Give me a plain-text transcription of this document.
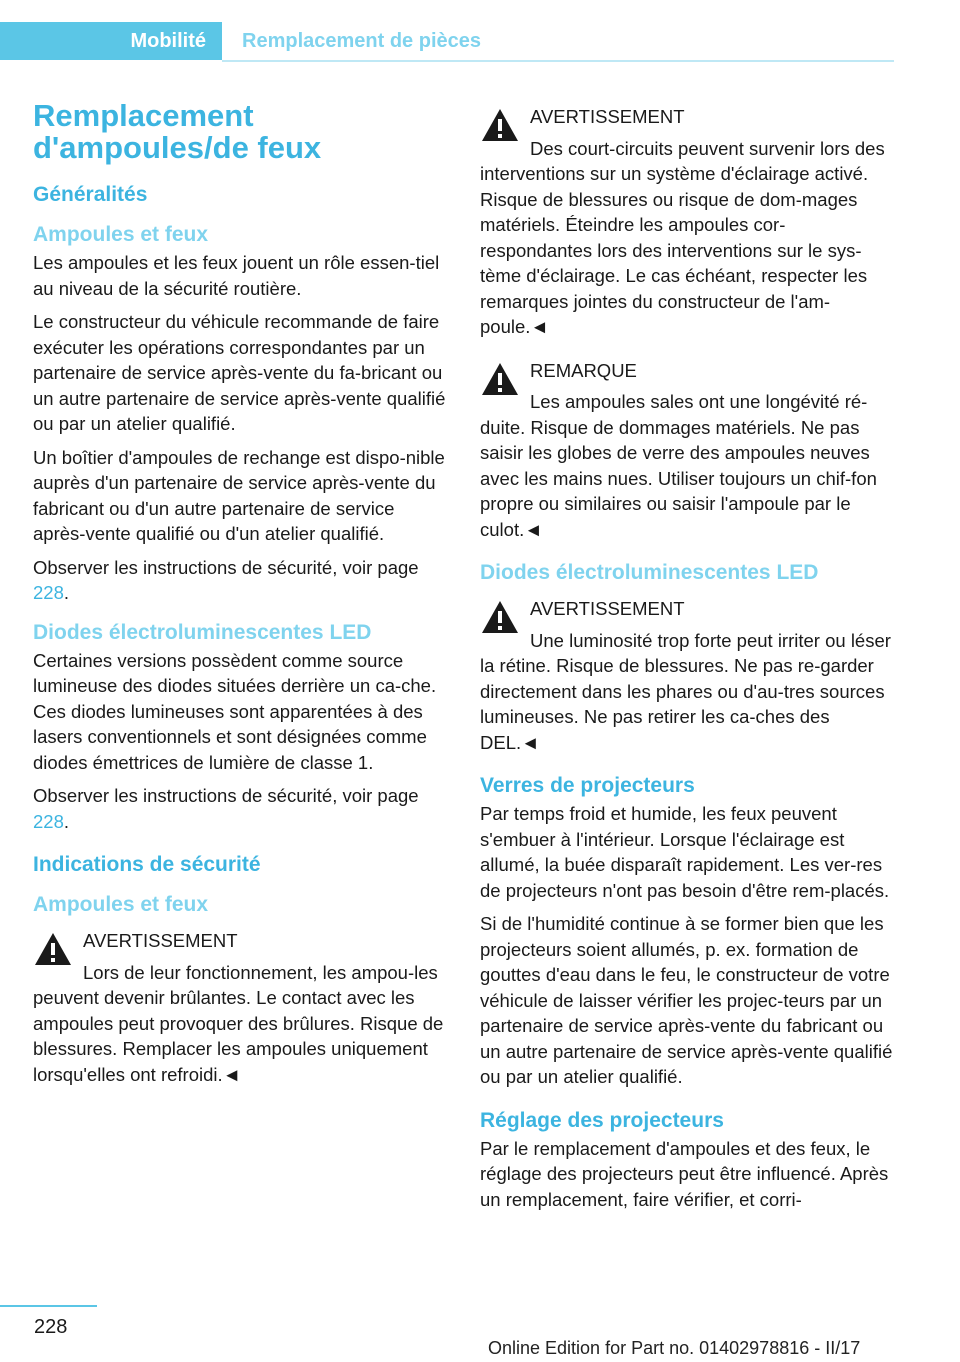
Mobilité Remplacement de pièces
Remplacement d'ampoules/de feux
Généralités
Ampoules et feux

Les ampoules et les feux jouent un rôle essen-tiel au niveau de la sécurité routière.

Le constructeur du véhicule recommande de faire exécuter les opérations correspondantes par un partenaire de service après-vente du fa-bricant ou un autre partenaire de service après-vente qualifié ou par un atelier qualifié.

Un boîtier d'ampoules de rechange est dispo-nible auprès d'un partenaire de service après-vente du fabricant ou d'un autre partenaire de service après-vente qualifié ou d'un atelier qualifié.

Observer les instructions de sécurité, voir page 228.

Diodes électroluminescentes LED

Certaines versions possèdent comme source lumineuse des diodes situées derrière un ca-che. Ces diodes lumineuses sont apparentées à des lasers conventionnels et sont désignées comme diodes émettrices de lumière de classe 1.

Observer les instructions de sécurité, voir page 228.

Indications de sécurité
Ampoules et feux
AVERTISSEMENT

Lors de leur fonctionnement, les ampou-les peuvent devenir brûlantes. Le contact avec les ampoules peut provoquer des brûlures. Risque de blessures. Remplacer les ampoules uniquement lorsqu'elles ont refroidi.◄

AVERTISSEMENT

Des court-circuits peuvent survenir lors des interventions sur un système d'éclairage activé. Risque de blessures ou risque de dom-mages matériels. Éteindre les ampoules cor-respondantes lors des interventions sur le sys-tème d'éclairage. Le cas échéant, respecter les remarques jointes du constructeur de l'am-poule.◄

REMARQUE

Les ampoules sales ont une longévité ré-duite. Risque de dommages matériels. Ne pas saisir les globes de verre des ampoules neuves avec les mains nues. Utiliser toujours un chif-fon propre ou similaires ou saisir l'ampoule par le culot.◄

Diodes électroluminescentes LED
AVERTISSEMENT

Une luminosité trop forte peut irriter ou léser la rétine. Risque de blessures. Ne pas re-garder directement dans les phares ou d'au-tres sources lumineuses. Ne pas retirer les ca-ches des DEL.◄

Verres de projecteurs

Par temps froid et humide, les feux peuvent s'embuer à l'intérieur. Lorsque l'éclairage est allumé, la buée disparaît rapidement. Les ver-res de projecteurs n'ont pas besoin d'être rem-placés.

Si de l'humidité continue à se former bien que les projecteurs soient allumés, p. ex. formation de gouttes d'eau dans le feu, le constructeur de votre véhicule de laisser vérifier les projec-teurs par un partenaire de service après-vente du fabricant ou un autre partenaire de service après-vente qualifié ou par un atelier qualifié.

Réglage des projecteurs

Par le remplacement d'ampoules et des feux, le réglage des projecteurs peut être influencé. Après un remplacement, faire vérifier, et corri-

228
Online Edition for Part no. 01402978816 - II/17
